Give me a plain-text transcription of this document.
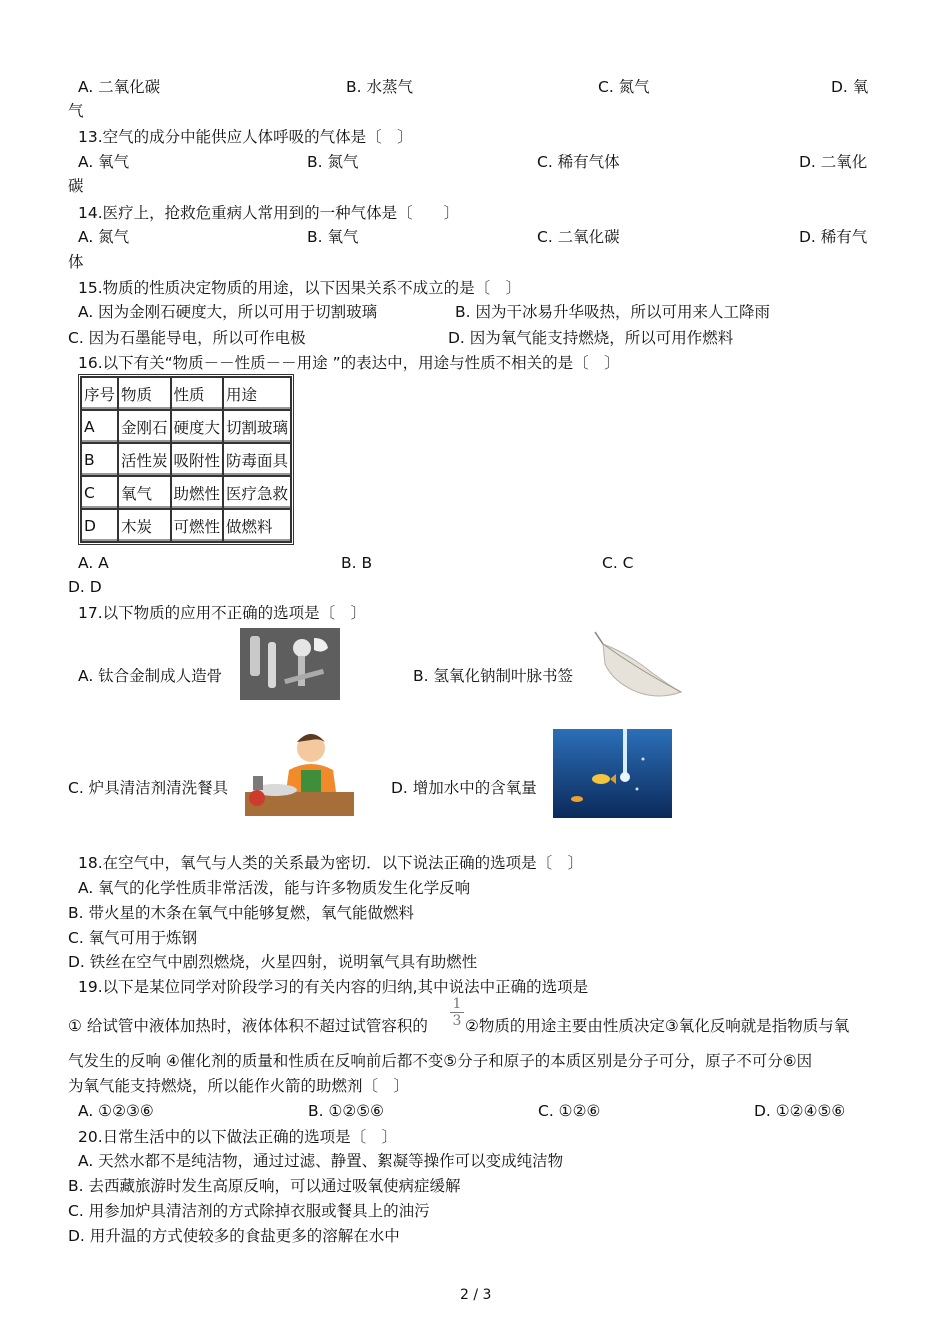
A. 二氧化碳	B. 水蒸气	C. 氮气	D. 氧
气
13.空气的成分中能供应人体呼吸的气体是〔　〕
A. 氧气	B. 氮气	C. 稀有气体	D. 二氧化
碳
14.医疗上，抢救危重病人常用到的一种气体是〔　　〕
A. 氮气	B. 氧气	C. 二氧化碳	D. 稀有气
体
15.物质的性质决定物质的用途，以下因果关系不成立的是〔　〕
A. 因为金刚石硬度大，所以可用于切割玻璃	B. 因为干冰易升华吸热，所以可用来人工降雨
C. 因为石墨能导电，所以可作电极	D. 因为氧气能支持燃烧，所以可用作燃料
16.以下有关“物质－－性质－－用途 ”的表达中，用途与性质不相关的是〔　〕
序号	物质	性质	用途
A	金刚石	硬度大	切割玻璃
B	活性炭	吸附性	防毒面具
C	氧气	助燃性	医疗急救
D	木炭	可燃性	做燃料
A. A	B. B	C. C
D. D
17.以下物质的应用不正确的选项是〔　〕
A. 钛合金制成人造骨	B. 氢氧化钠制叶脉书签
C. 炉具清洁剂清洗餐具	D. 增加水中的含氧量
18.在空气中，氧气与人类的关系最为密切．以下说法正确的选项是〔　〕
A. 氧气的化学性质非常活泼，能与许多物质发生化学反响
B. 带火星的木条在氧气中能够复燃，氧气能做燃料
C. 氧气可用于炼钢
D. 铁丝在空气中剧烈燃烧，火星四射，说明氧气具有助燃性
19.以下是某位同学对阶段学习的有关内容的归纳,其中说法中正确的选项是
① 给试管中液体加热时，液体体积不超过试管容积的
1
3 ②物质的用途主要由性质决定③氧化反响就是指物质与氧
气发生的反响 ④催化剂的质量和性质在反响前后都不变⑤分子和原子的本质区别是分子可分，原子不可分⑥因
为氧气能支持燃烧，所以能作火箭的助燃剂〔　〕
A. ①②③⑥	B. ①②⑤⑥	C. ①②⑥	D. ①②④⑤⑥
20.日常生活中的以下做法正确的选项是〔　〕
A. 天然水都不是纯洁物，通过过滤、静置、絮凝等操作可以变成纯洁物
B. 去西藏旅游时发生高原反响，可以通过吸氧使病症缓解
C. 用参加炉具清洁剂的方式除掉衣服或餐具上的油污
D. 用升温的方式使较多的食盐更多的溶解在水中
2 / 3
